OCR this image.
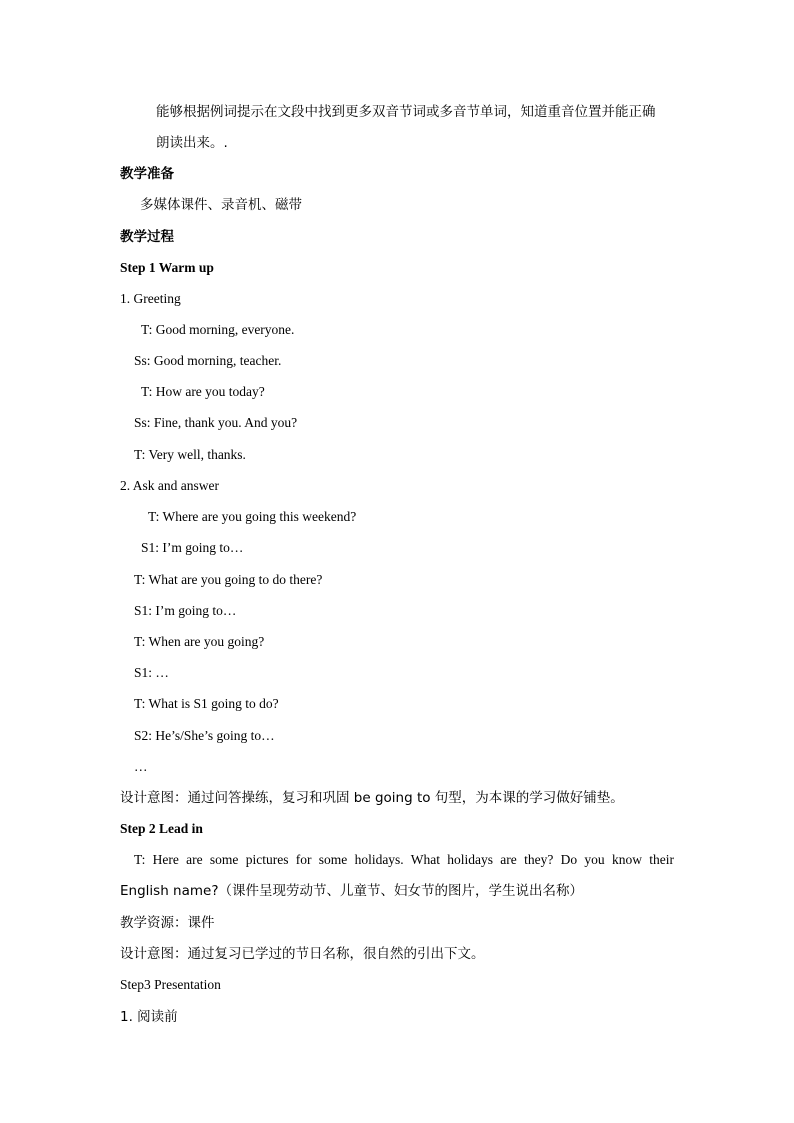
能够根据例词提示在文段中找到更多双音节词或多音节单词，知道重音位置并能正确
朗读出来。.
教学准备
多媒体课件、录音机、磁带
教学过程
Step 1 Warm up
1. Greeting
T: Good morning, everyone.
Ss: Good morning, teacher.
T: How are you today?
Ss: Fine, thank you. And you?
T: Very well, thanks.
2. Ask and answer
T: Where are you going this weekend?
S1: I’m going to…
T: What are you going to do there?
S1: I’m going to…
T: When are you going?
S1: …
T: What is S1 going to do?
S2: He’s/She’s going to…
…
设计意图：通过问答操练，复习和巩固 be going to 句型，为本课的学习做好铺垫。
Step 2 Lead in
T: Here are some pictures for some holidays. What holidays are they? Do you know their
English name?（课件呈现劳动节、儿童节、妇女节的图片，学生说出名称）
教学资源：课件
设计意图：通过复习已学过的节日名称，很自然的引出下文。
Step3 Presentation
1. 阅读前
